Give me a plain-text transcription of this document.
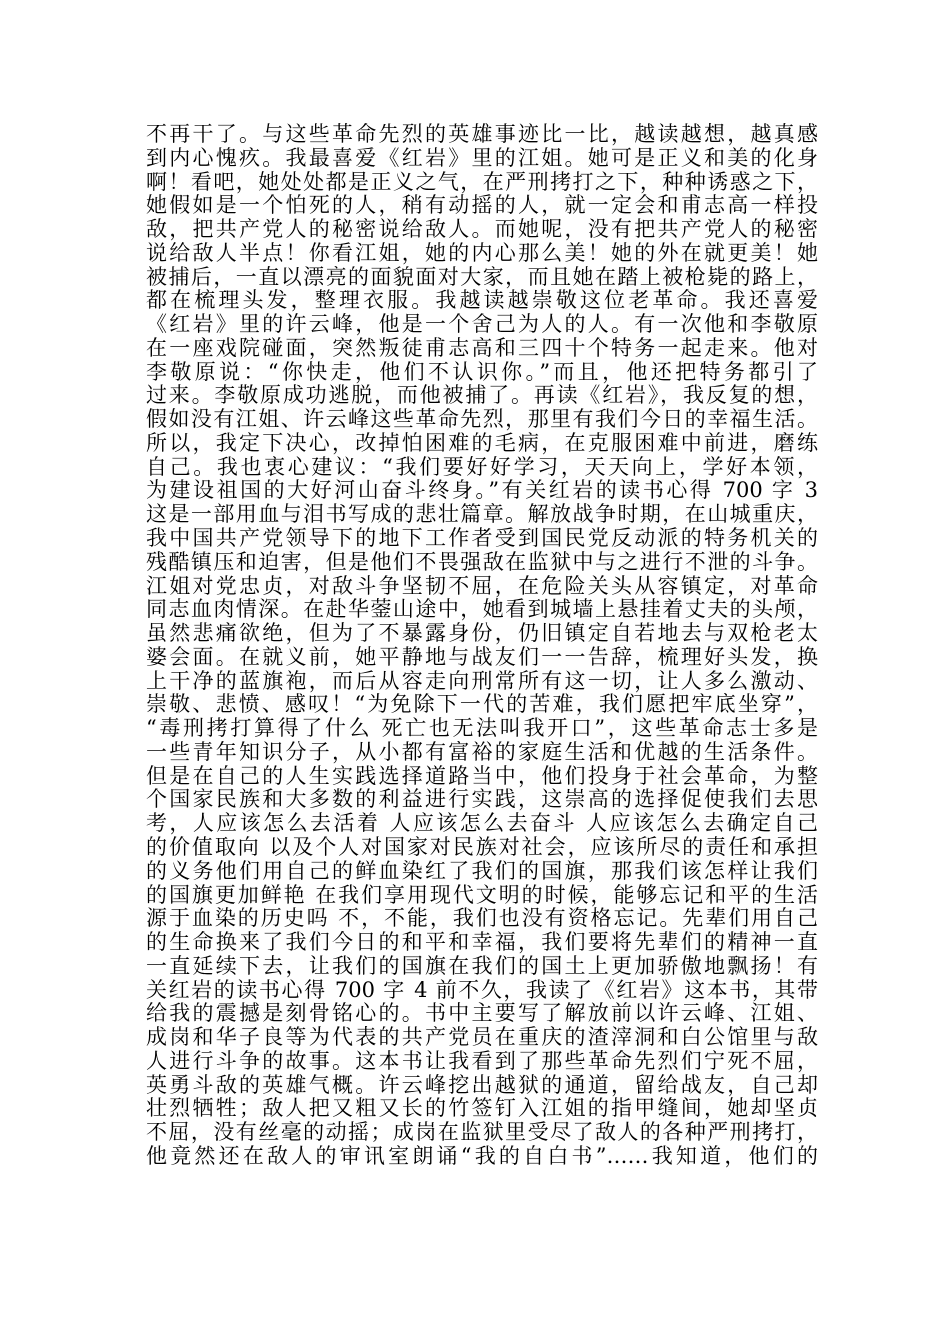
不再干了。与这些革命先烈的英雄事迹比一比，越读越想，越真感
到内心愧疚。我最喜爱《红岩》里的江姐。她可是正义和美的化身
啊！看吧，她处处都是正义之气，在严刑拷打之下，种种诱惑之下，
她假如是一个怕死的人，稍有动摇的人，就一定会和甫志高一样投
敌，把共产党人的秘密说给敌人。而她呢，没有把共产党人的秘密
说给敌人半点！你看江姐，她的内心那么美！她的外在就更美！她
被捕后，一直以漂亮的面貌面对大家，而且她在踏上被枪毙的路上，
都在梳理头发，整理衣服。我越读越崇敬这位老革命。我还喜爱
《红岩》里的许云峰，他是一个舍己为人的人。有一次他和李敬原
在一座戏院碰面，突然叛徒甫志高和三四十个特务一起走来。他对
李敬原说：“你快走，他们不认识你。”而且，他还把特务都引了
过来。李敬原成功逃脱，而他被捕了。再读《红岩》，我反复的想，
假如没有江姐、许云峰这些革命先烈，那里有我们今日的幸福生活。
所以，我定下决心，改掉怕困难的毛病，在克服困难中前进，磨练
自己。我也衷心建议：“我们要好好学习，天天向上，学好本领，
为建设祖国的大好河山奋斗终身。”有关红岩的读书心得 700 字 3
这是一部用血与泪书写成的悲壮篇章。解放战争时期，在山城重庆，
我中国共产党领导下的地下工作者受到国民党反动派的特务机关的
残酷镇压和迫害，但是他们不畏强敌在监狱中与之进行不泄的斗争。
江姐对党忠贞，对敌斗争坚韧不屈，在危险关头从容镇定，对革命
同志血肉情深。在赴华蓥山途中，她看到城墙上悬挂着丈夫的头颅，
虽然悲痛欲绝，但为了不暴露身份，仍旧镇定自若地去与双枪老太
婆会面。在就义前，她平静地与战友们一一告辞，梳理好头发，换
上干净的蓝旗袍，而后从容走向刑常所有这一切，让人多么激动、
崇敬、悲愤、感叹！“为免除下一代的苦难，我们愿把牢底坐穿”，
“毒刑拷打算得了什么 死亡也无法叫我开口”，这些革命志士多是
一些青年知识分子，从小都有富裕的家庭生活和优越的生活条件。
但是在自己的人生实践选择道路当中，他们投身于社会革命，为整
个国家民族和大多数的利益进行实践，这崇高的选择促使我们去思
考，人应该怎么去活着 人应该怎么去奋斗 人应该怎么去确定自己
的价值取向 以及个人对国家对民族对社会，应该所尽的责任和承担
的义务他们用自己的鲜血染红了我们的国旗，那我们该怎样让我们
的国旗更加鲜艳 在我们享用现代文明的时候，能够忘记和平的生活
源于血染的历史吗 不，不能，我们也没有资格忘记。先辈们用自己
的生命换来了我们今日的和平和幸福，我们要将先辈们的精神一直
一直延续下去，让我们的国旗在我们的国土上更加骄傲地飘扬！有
关红岩的读书心得 700 字 4 前不久，我读了《红岩》这本书，其带
给我的震撼是刻骨铭心的。书中主要写了解放前以许云峰、江姐、
成岗和华子良等为代表的共产党员在重庆的渣滓洞和白公馆里与敌
人进行斗争的故事。这本书让我看到了那些革命先烈们宁死不屈，
英勇斗敌的英雄气概。许云峰挖出越狱的通道，留给战友，自己却
壮烈牺牲；敌人把又粗又长的竹签钉入江姐的指甲缝间，她却坚贞
不屈，没有丝毫的动摇；成岗在监狱里受尽了敌人的各种严刑拷打，
他竟然还在敌人的审讯室朗诵“我的自白书”……我知道，他们的
